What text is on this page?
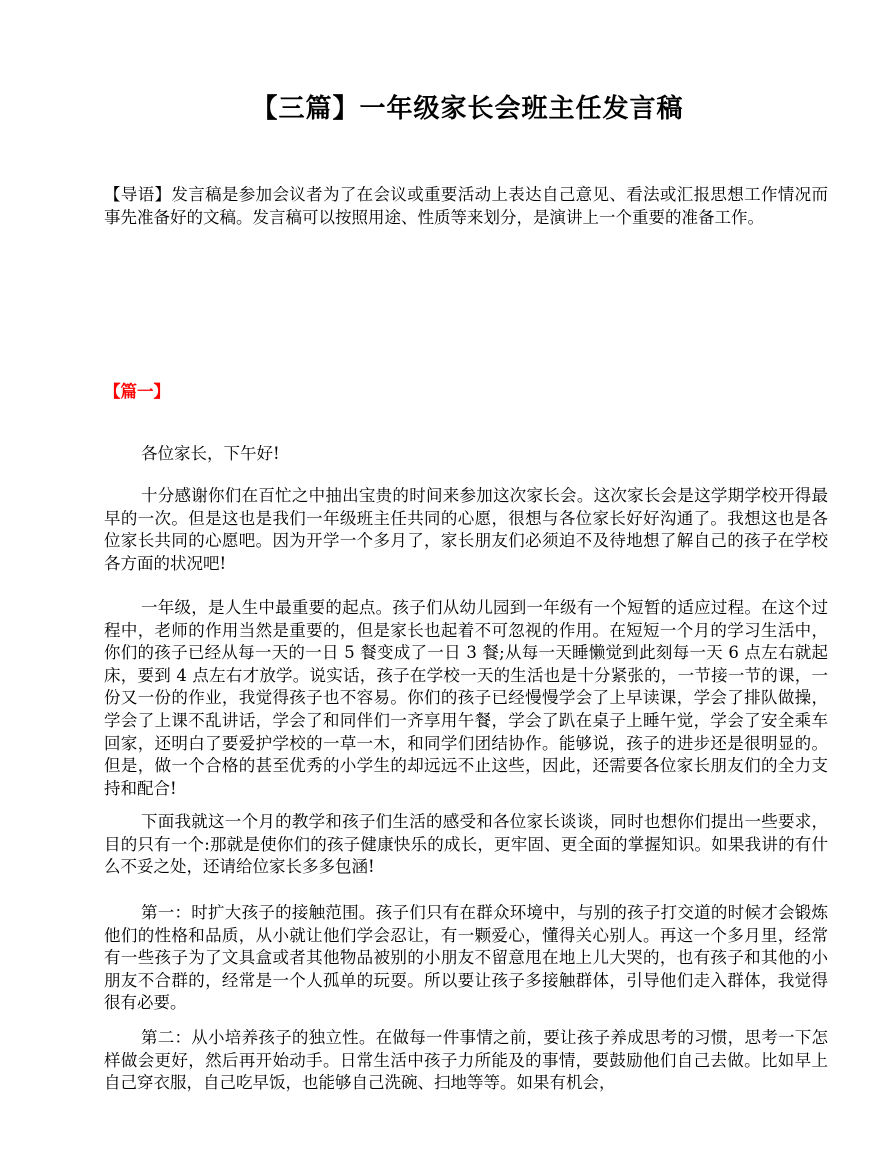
【三篇】一年级家长会班主任发言稿

【导语】发言稿是参加会议者为了在会议或重要活动上表达自己意见、看法或汇报思想工作情况而事先准备好的文稿。发言稿可以按照用途、性质等来划分，是演讲上一个重要的准备工作。

【篇一】

各位家长，下午好!

十分感谢你们在百忙之中抽出宝贵的时间来参加这次家长会。这次家长会是这学期学校开得最早的一次。但是这也是我们一年级班主任共同的心愿，很想与各位家长好好沟通了。我想这也是各位家长共同的心愿吧。因为开学一个多月了，家长朋友们必须迫不及待地想了解自己的孩子在学校各方面的状况吧!

一年级，是人生中最重要的起点。孩子们从幼儿园到一年级有一个短暂的适应过程。在这个过程中，老师的作用当然是重要的，但是家长也起着不可忽视的作用。在短短一个月的学习生活中，你们的孩子已经从每一天的一日 5 餐变成了一日 3 餐;从每一天睡懒觉到此刻每一天 6 点左右就起床，要到 4 点左右才放学。说实话，孩子在学校一天的生活也是十分紧张的，一节接一节的课，一份又一份的作业，我觉得孩子也不容易。你们的孩子已经慢慢学会了上早读课，学会了排队做操，学会了上课不乱讲话，学会了和同伴们一齐享用午餐，学会了趴在桌子上睡午觉，学会了安全乘车回家，还明白了要爱护学校的一草一木，和同学们团结协作。能够说，孩子的进步还是很明显的。但是，做一个合格的甚至优秀的小学生的却远远不止这些，因此，还需要各位家长朋友们的全力支持和配合!

下面我就这一个月的教学和孩子们生活的感受和各位家长谈谈，同时也想你们提出一些要求，目的只有一个:那就是使你们的孩子健康快乐的成长，更牢固、更全面的掌握知识。如果我讲的有什么不妥之处，还请给位家长多多包涵!

第一：时扩大孩子的接触范围。孩子们只有在群众环境中，与别的孩子打交道的时候才会锻炼他们的性格和品质，从小就让他们学会忍让，有一颗爱心，懂得关心别人。再这一个多月里，经常有一些孩子为了文具盒或者其他物品被别的小朋友不留意甩在地上儿大哭的，也有孩子和其他的小朋友不合群的，经常是一个人孤单的玩耍。所以要让孩子多接触群体，引导他们走入群体，我觉得很有必要。

第二：从小培养孩子的独立性。在做每一件事情之前，要让孩子养成思考的习惯，思考一下怎样做会更好，然后再开始动手。日常生活中孩子力所能及的事情，要鼓励他们自己去做。比如早上自己穿衣服，自己吃早饭，也能够自己洗碗、扫地等等。如果有机会，
